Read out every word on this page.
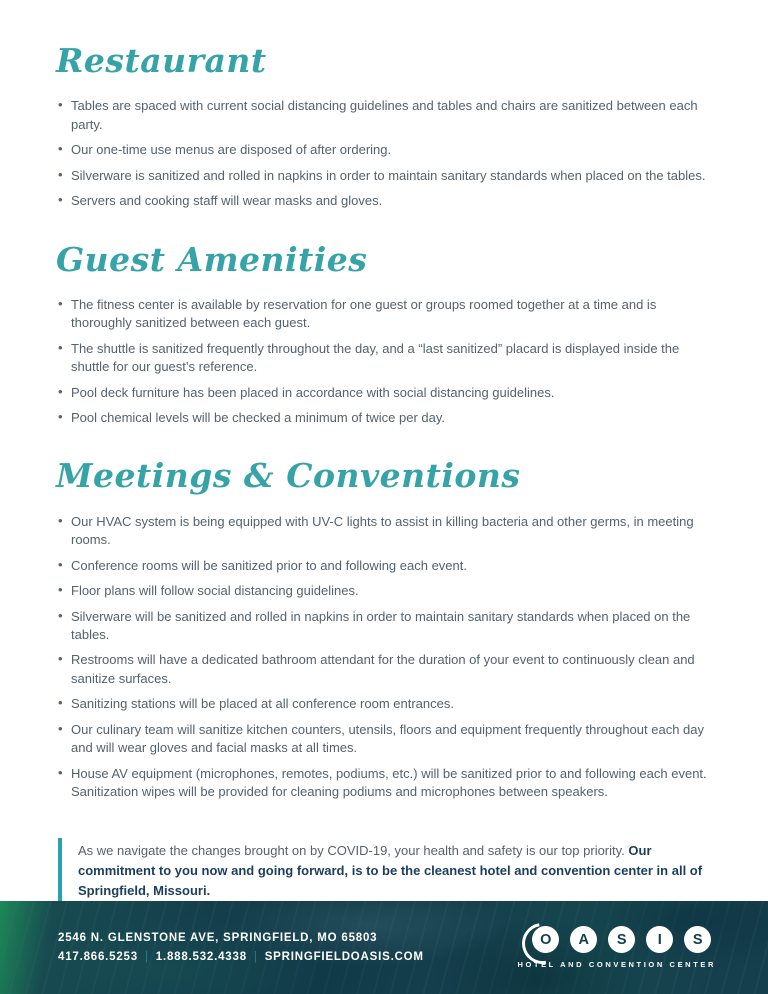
Restaurant
• Tables are spaced with current social distancing guidelines and tables and chairs are sanitized between each party.
• Our one-time use menus are disposed of after ordering.
• Silverware is sanitized and rolled in napkins in order to maintain sanitary standards when placed on the tables.
• Servers and cooking staff will wear masks and gloves.
Guest Amenities
• The fitness center is available by reservation for one guest or groups roomed together at a time and is thoroughly sanitized between each guest.
• The shuttle is sanitized frequently throughout the day, and a “last sanitized” placard is displayed inside the shuttle for our guest’s reference.
• Pool deck furniture has been placed in accordance with social distancing guidelines.
• Pool chemical levels will be checked a minimum of twice per day.
Meetings & Conventions
• Our HVAC system is being equipped with UV-C lights to assist in killing bacteria and other germs, in meeting rooms.
• Conference rooms will be sanitized prior to and following each event.
• Floor plans will follow social distancing guidelines.
• Silverware will be sanitized and rolled in napkins in order to maintain sanitary standards when placed on the tables.
• Restrooms will have a dedicated bathroom attendant for the duration of your event to continuously clean and sanitize surfaces.
• Sanitizing stations will be placed at all conference room entrances.
• Our culinary team will sanitize kitchen counters, utensils, floors and equipment frequently throughout each day and will wear gloves and facial masks at all times.
• House AV equipment (microphones, remotes, podiums, etc.) will be sanitized prior to and following each event. Sanitization wipes will be provided for cleaning podiums and microphones between speakers.
As we navigate the changes brought on by COVID-19, your health and safety is our top priority. Our commitment to you now and going forward, is to be the cleanest hotel and convention center in all of Springfield, Missouri.
2546 N. GLENSTONE AVE, SPRINGFIELD, MO 65803
417.866.5253 | 1.888.532.4338 | SPRINGFIELDOASIS.COM
O	A	S	I	S
HOTEL AND CONVENTION CENTER
